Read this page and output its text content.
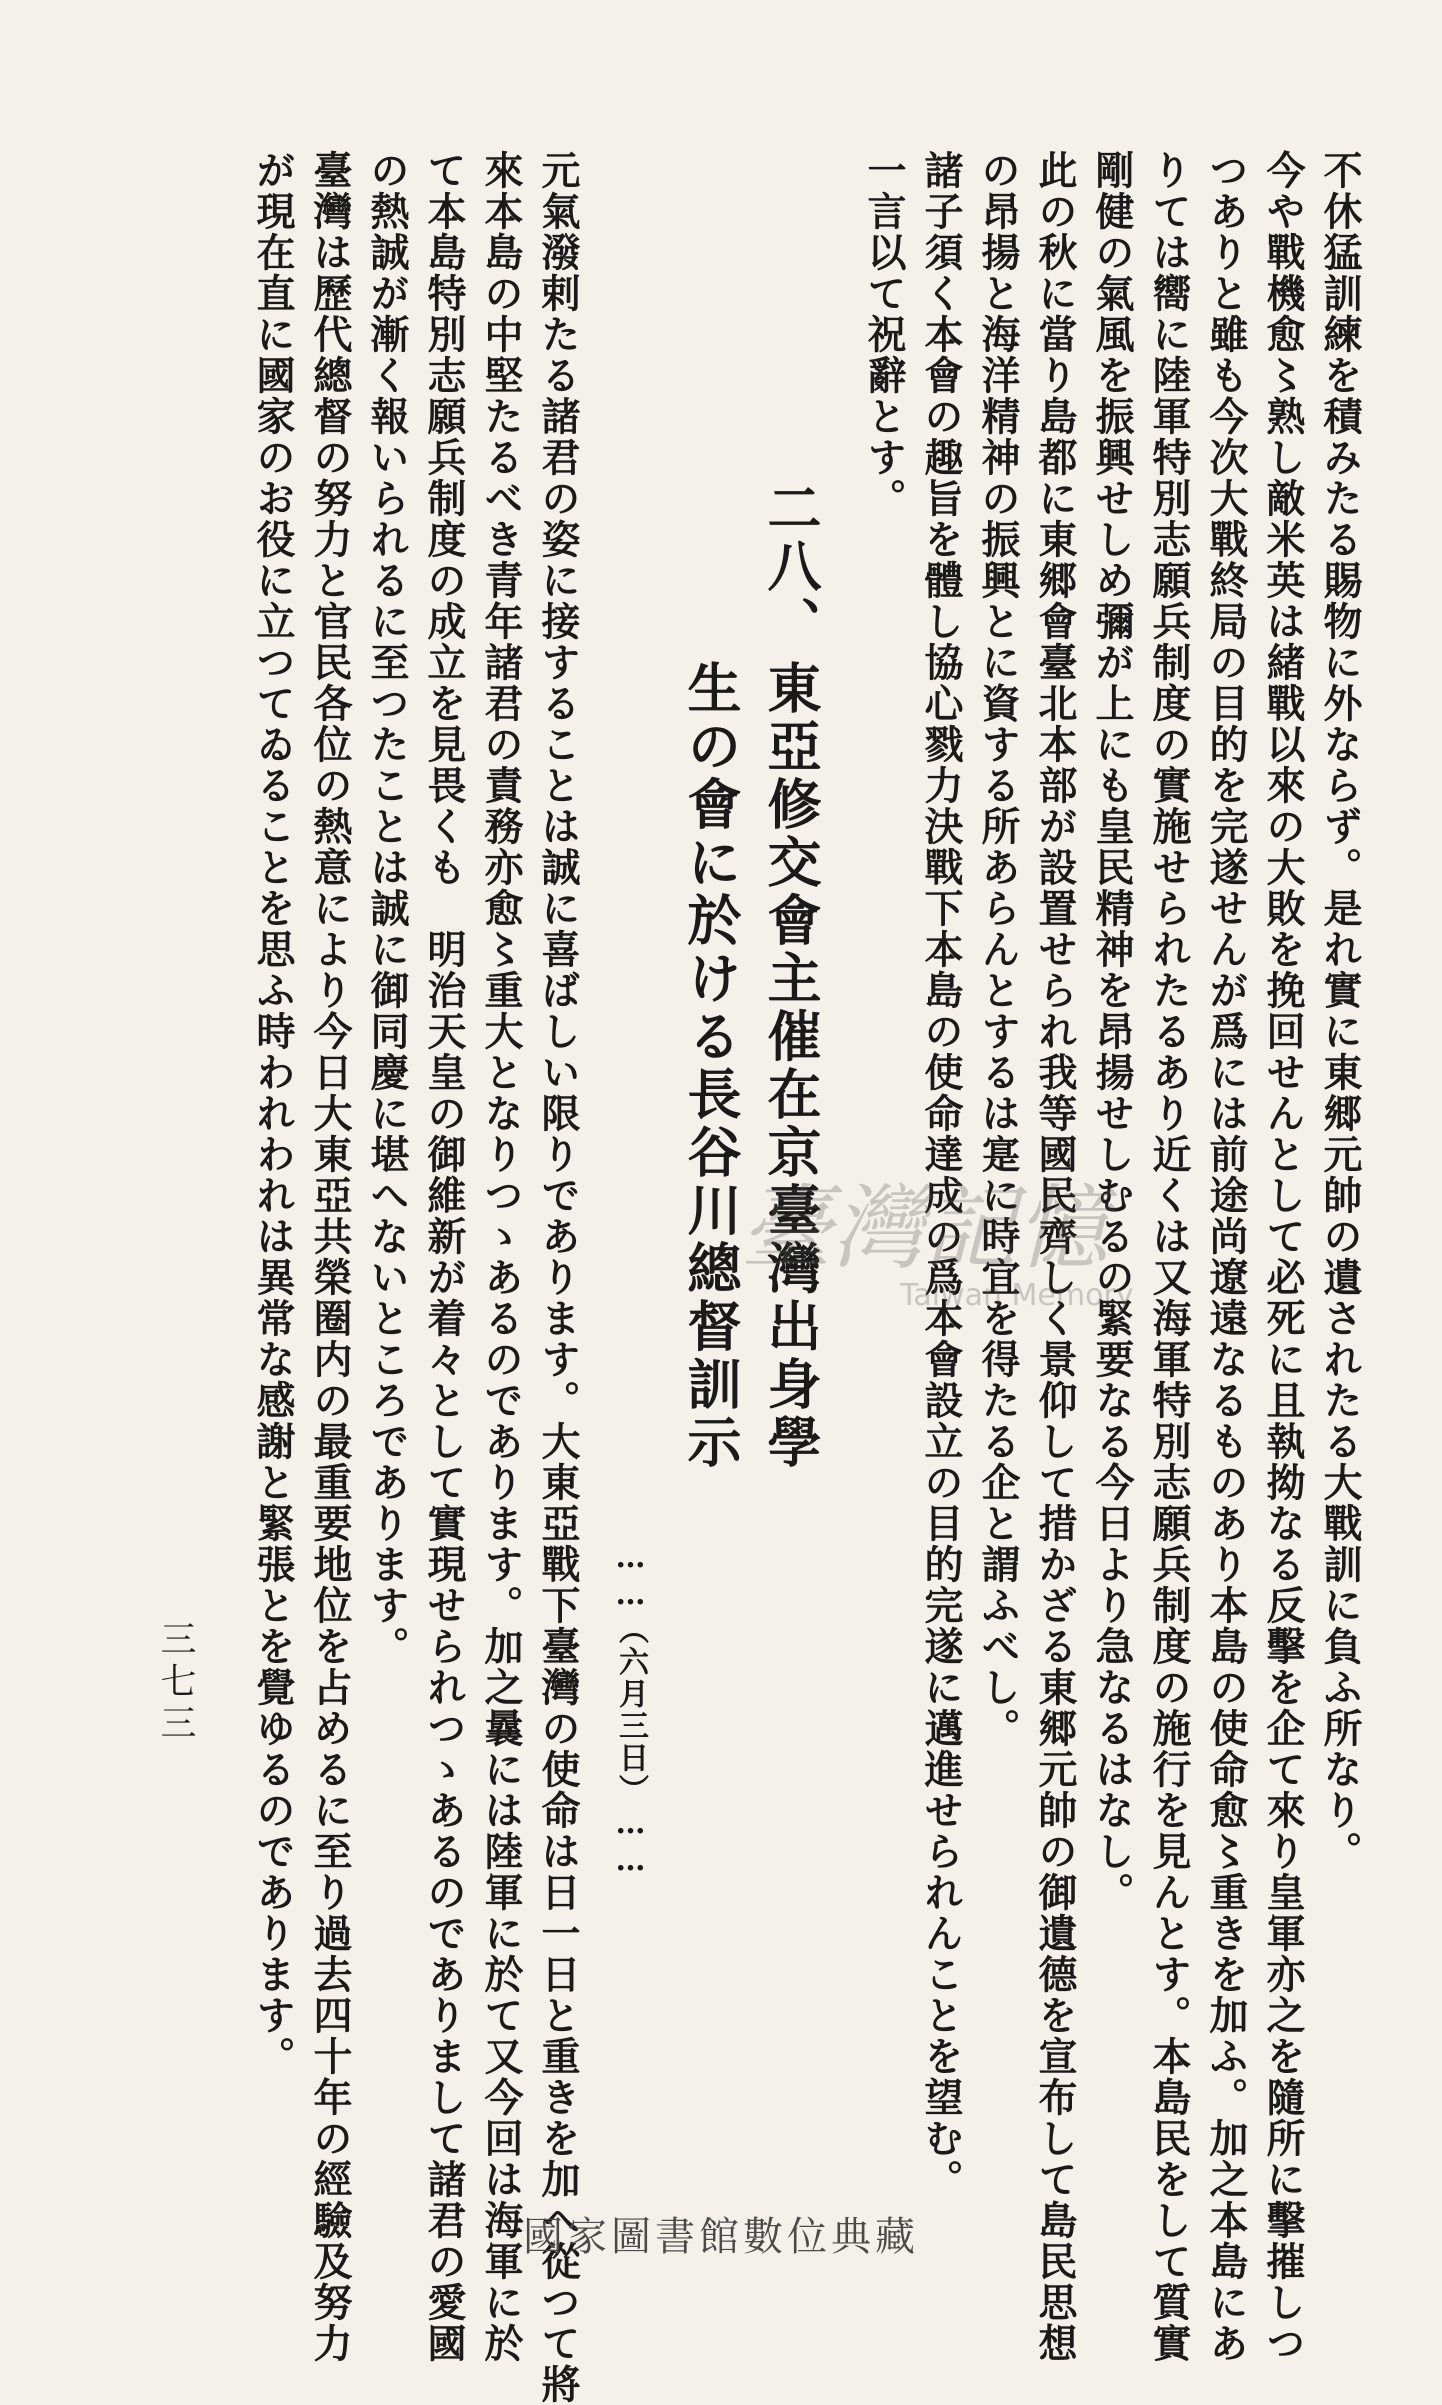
不休猛訓練を積みたる賜物に外ならず。是れ實に東郷元帥の遺されたる大戰訓に負ふ所なり。
今や戰機愈〻熟し敵米英は緒戰以來の大敗を挽回せんとして必死に且執拗なる反擊を企て來り皇軍亦之を隨所に擊摧しつ
つありと雖も今次大戰終局の目的を完遂せんが爲には前途尚遼遠なるものあり本島の使命愈〻重きを加ふ。加之本島にあ
りては嚮に陸軍特別志願兵制度の實施せられたるあり近くは又海軍特別志願兵制度の施行を見んとす。本島民をして質實
剛健の氣風を振興せしめ彌が上にも皇民精神を昂揚せしむるの緊要なる今日より急なるはなし。
此の秋に當り島都に東郷會臺北本部が設置せられ我等國民齊しく景仰して措かざる東郷元帥の御遺德を宣布して島民思想
の昂揚と海洋精神の振興とに資する所あらんとするは寔に時宜を得たる企と謂ふべし。
諸子須く本會の趣旨を體し協心戮力決戰下本島の使命達成の爲本會設立の目的完遂に邁進せられんことを望む。
一言以て祝辭とす。
二八、
東亞修交會主催在京臺灣出身學
生の會に於ける長谷川總督訓示
……（六月三日）……
元氣潑剌たる諸君の姿に接することは誠に喜ばしい限りであります。大東亞戰下臺灣の使命は日一日と重きを加へ從つて將
來本島の中堅たるべき青年諸君の責務亦愈〻重大となりつゝあるのであります。加之曩には陸軍に於て又今回は海軍に於
て本島特別志願兵制度の成立を見畏くも　明治天皇の御維新が着々として實現せられつゝあるのでありまして諸君の愛國
の熱誠が漸く報いられるに至つたことは誠に御同慶に堪へないところであります。
臺灣は歷代總督の努力と官民各位の熱意により今日大東亞共榮圈内の最重要地位を占めるに至り過去四十年の經驗及努力
が現在直に國家のお役に立つてゐることを思ふ時われわれは異常な感謝と緊張とを覺ゆるのであります。
三七三
臺灣記憶
Taiwan Memory
國家圖書館數位典藏
